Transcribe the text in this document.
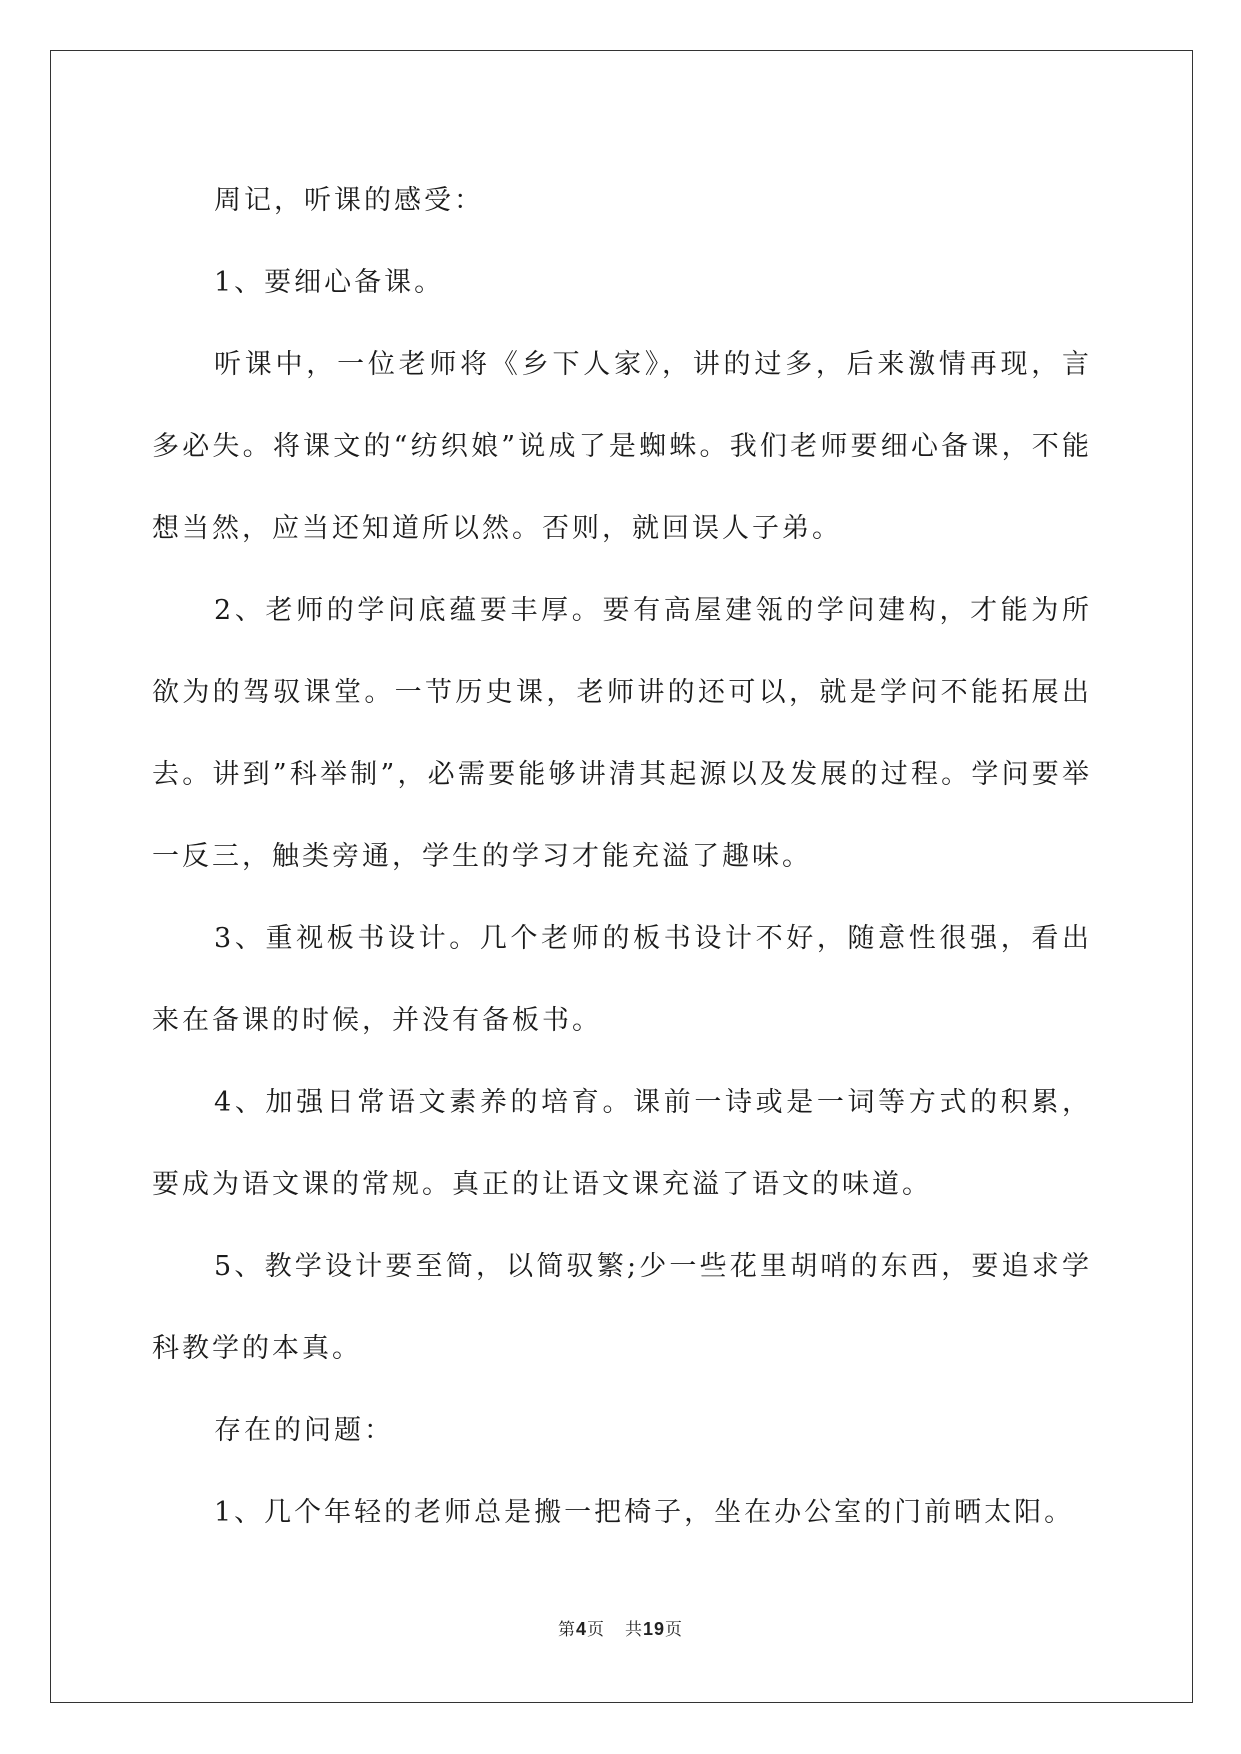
周记，听课的感受：

1、要细心备课。

听课中，一位老师将《乡下人家》，讲的过多，后来激情再现，言多必失。将课文的“纺织娘”说成了是蜘蛛。我们老师要细心备课，不能想当然，应当还知道所以然。否则，就回误人子弟。

2、老师的学问底蕴要丰厚。要有高屋建瓴的学问建构，才能为所欲为的驾驭课堂。一节历史课，老师讲的还可以，就是学问不能拓展出去。讲到”科举制”，必需要能够讲清其起源以及发展的过程。学问要举一反三，触类旁通，学生的学习才能充溢了趣味。

3、重视板书设计。几个老师的板书设计不好，随意性很强，看出来在备课的时候，并没有备板书。

4、加强日常语文素养的培育。课前一诗或是一词等方式的积累，要成为语文课的常规。真正的让语文课充溢了语文的味道。

5、教学设计要至简，以简驭繁;少一些花里胡哨的东西，要追求学科教学的本真。

存在的问题：

1、几个年轻的老师总是搬一把椅子，坐在办公室的门前晒太阳。

第4页 共19页
